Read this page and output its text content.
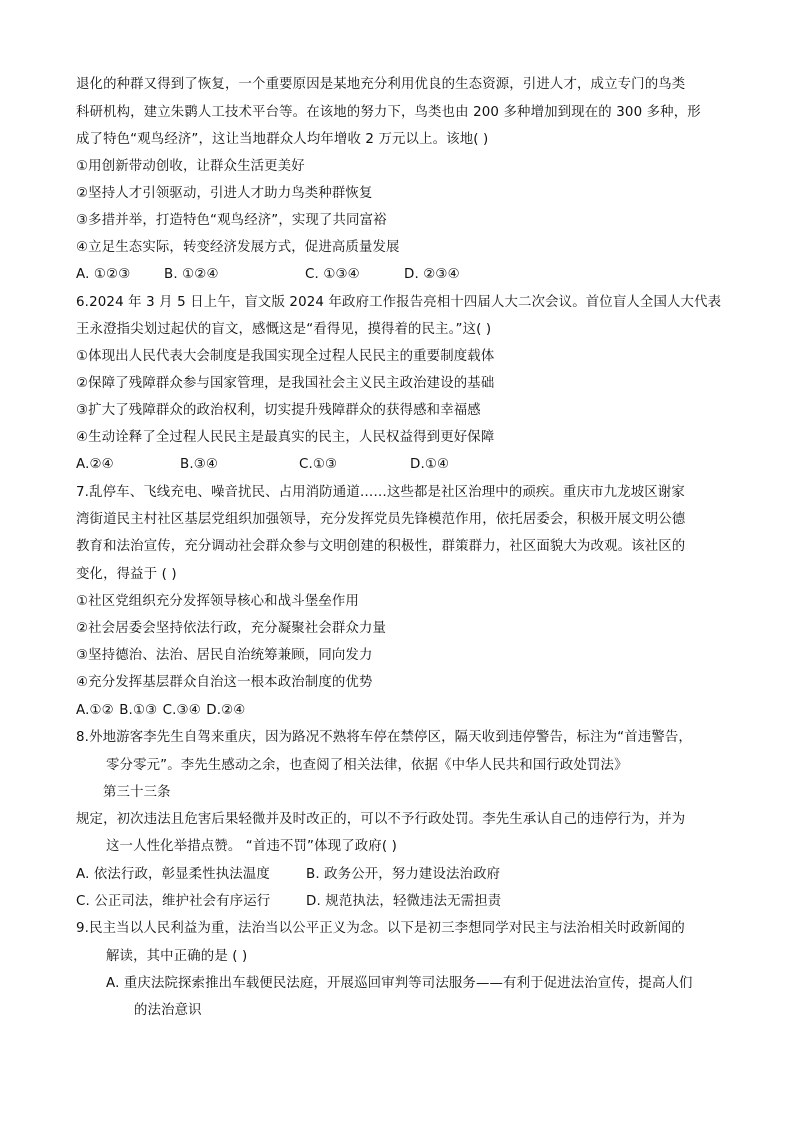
退化的种群又得到了恢复，一个重要原因是某地充分利用优良的生态资源，引进人才，成立专门的鸟类
科研机构，建立朱鹮人工技术平台等。在该地的努力下，鸟类也由 200 多种增加到现在的 300 多种，形
成了特色“观鸟经济”，这让当地群众人均年增收 2 万元以上。该地( )
①用创新带动创收，让群众生活更美好
②坚持人才引领驱动，引进人才助力鸟类种群恢复
③多措并举，打造特色“观鸟经济”，实现了共同富裕
④立足生态实际，转变经济发展方式，促进高质量发展
A. ①②③	B. ①②④	C. ①③④	D. ②③④
6.2024 年 3 月 5 日上午，盲文版 2024 年政府工作报告亮相十四届人大二次会议。首位盲人全国人大代表
王永澄指尖划过起伏的盲文，感慨这是“看得见，摸得着的民主。”这( )
①体现出人民代表大会制度是我国实现全过程人民民主的重要制度载体
②保障了残障群众参与国家管理，是我国社会主义民主政治建设的基础
③扩大了残障群众的政治权利，切实提升残障群众的获得感和幸福感
④生动诠释了全过程人民民主是最真实的民主，人民权益得到更好保障
A.②④	B.③④	C.①③	D.①④
7.乱停车、飞线充电、噪音扰民、占用消防通道……这些都是社区治理中的顽疾。重庆市九龙坡区谢家
湾街道民主村社区基层党组织加强领导，充分发挥党员先锋模范作用，依托居委会，积极开展文明公德
教育和法治宣传，充分调动社会群众参与文明创建的积极性，群策群力，社区面貌大为改观。该社区的
变化，得益于 ( )
①社区党组织充分发挥领导核心和战斗堡垒作用
②社会居委会坚持依法行政，充分凝聚社会群众力量
③坚持德治、法治、居民自治统筹兼顾，同向发力
④充分发挥基层群众自治这一根本政治制度的优势
A.①② B.①③ C.③④ D.②④
8.外地游客李先生自驾来重庆，因为路况不熟将车停在禁停区，隔天收到违停警告，标注为“首违警告，
零分零元”。李先生感动之余，也查阅了相关法律，依据《中华人民共和国行政处罚法》
第三十三条
规定，初次违法且危害后果轻微并及时改正的，可以不予行政处罚。李先生承认自己的违停行为，并为
这一人性化举措点赞。 “首违不罚”体现了政府( )
A. 依法行政，彰显柔性执法温度	B. 政务公开，努力建设法治政府
C. 公正司法，维护社会有序运行	D. 规范执法，轻微违法无需担责
9.民主当以人民利益为重，法治当以公平正义为念。以下是初三李想同学对民主与法治相关时政新闻的
解读，其中正确的是 ( )
A. 重庆法院探索推出车载便民法庭，开展巡回审判等司法服务——有利于促进法治宣传，提高人们
的法治意识
